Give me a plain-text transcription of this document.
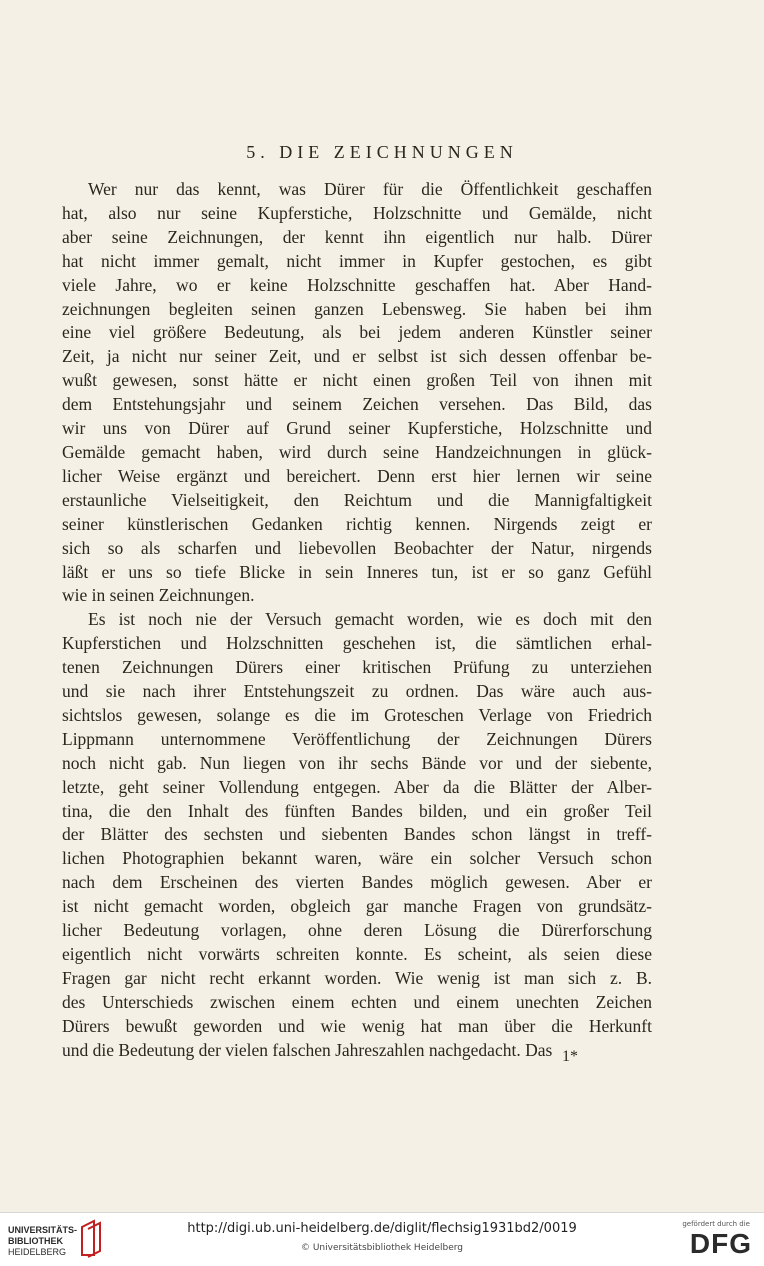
5. DIE ZEICHNUNGEN
Wer nur das kennt, was Dürer für die Öffentlichkeit geschaffen
hat, also nur seine Kupferstiche, Holzschnitte und Gemälde, nicht
aber seine Zeichnungen, der kennt ihn eigentlich nur halb. Dürer
hat nicht immer gemalt, nicht immer in Kupfer gestochen, es gibt
viele Jahre, wo er keine Holzschnitte geschaffen hat. Aber Hand-
zeichnungen begleiten seinen ganzen Lebensweg. Sie haben bei ihm
eine viel größere Bedeutung, als bei jedem anderen Künstler seiner
Zeit, ja nicht nur seiner Zeit, und er selbst ist sich dessen offenbar be-
wußt gewesen, sonst hätte er nicht einen großen Teil von ihnen mit
dem Entstehungsjahr und seinem Zeichen versehen. Das Bild, das
wir uns von Dürer auf Grund seiner Kupferstiche, Holzschnitte und
Gemälde gemacht haben, wird durch seine Handzeichnungen in glück-
licher Weise ergänzt und bereichert. Denn erst hier lernen wir seine
erstaunliche Vielseitigkeit, den Reichtum und die Mannigfaltigkeit
seiner künstlerischen Gedanken richtig kennen. Nirgends zeigt er
sich so als scharfen und liebevollen Beobachter der Natur, nirgends
läßt er uns so tiefe Blicke in sein Inneres tun, ist er so ganz Gefühl
wie in seinen Zeichnungen.
Es ist noch nie der Versuch gemacht worden, wie es doch mit den
Kupferstichen und Holzschnitten geschehen ist, die sämtlichen erhal-
tenen Zeichnungen Dürers einer kritischen Prüfung zu unterziehen
und sie nach ihrer Entstehungszeit zu ordnen. Das wäre auch aus-
sichtslos gewesen, solange es die im Groteschen Verlage von Friedrich
Lippmann unternommene Veröffentlichung der Zeichnungen Dürers
noch nicht gab. Nun liegen von ihr sechs Bände vor und der siebente,
letzte, geht seiner Vollendung entgegen. Aber da die Blätter der Alber-
tina, die den Inhalt des fünften Bandes bilden, und ein großer Teil
der Blätter des sechsten und siebenten Bandes schon längst in treff-
lichen Photographien bekannt waren, wäre ein solcher Versuch schon
nach dem Erscheinen des vierten Bandes möglich gewesen. Aber er
ist nicht gemacht worden, obgleich gar manche Fragen von grundsätz-
licher Bedeutung vorlagen, ohne deren Lösung die Dürerforschung
eigentlich nicht vorwärts schreiten konnte. Es scheint, als seien diese
Fragen gar nicht recht erkannt worden. Wie wenig ist man sich z. B.
des Unterschieds zwischen einem echten und einem unechten Zeichen
Dürers bewußt geworden und wie wenig hat man über die Herkunft
und die Bedeutung der vielen falschen Jahreszahlen nachgedacht. Das 1*
UNIVERSITÄTS-
BIBLIOTHEK
HEIDELBERG
http://digi.ub.uni-heidelberg.de/diglit/flechsig1931bd2/0019
© Universitätsbibliothek Heidelberg
gefördert durch die
DFG
